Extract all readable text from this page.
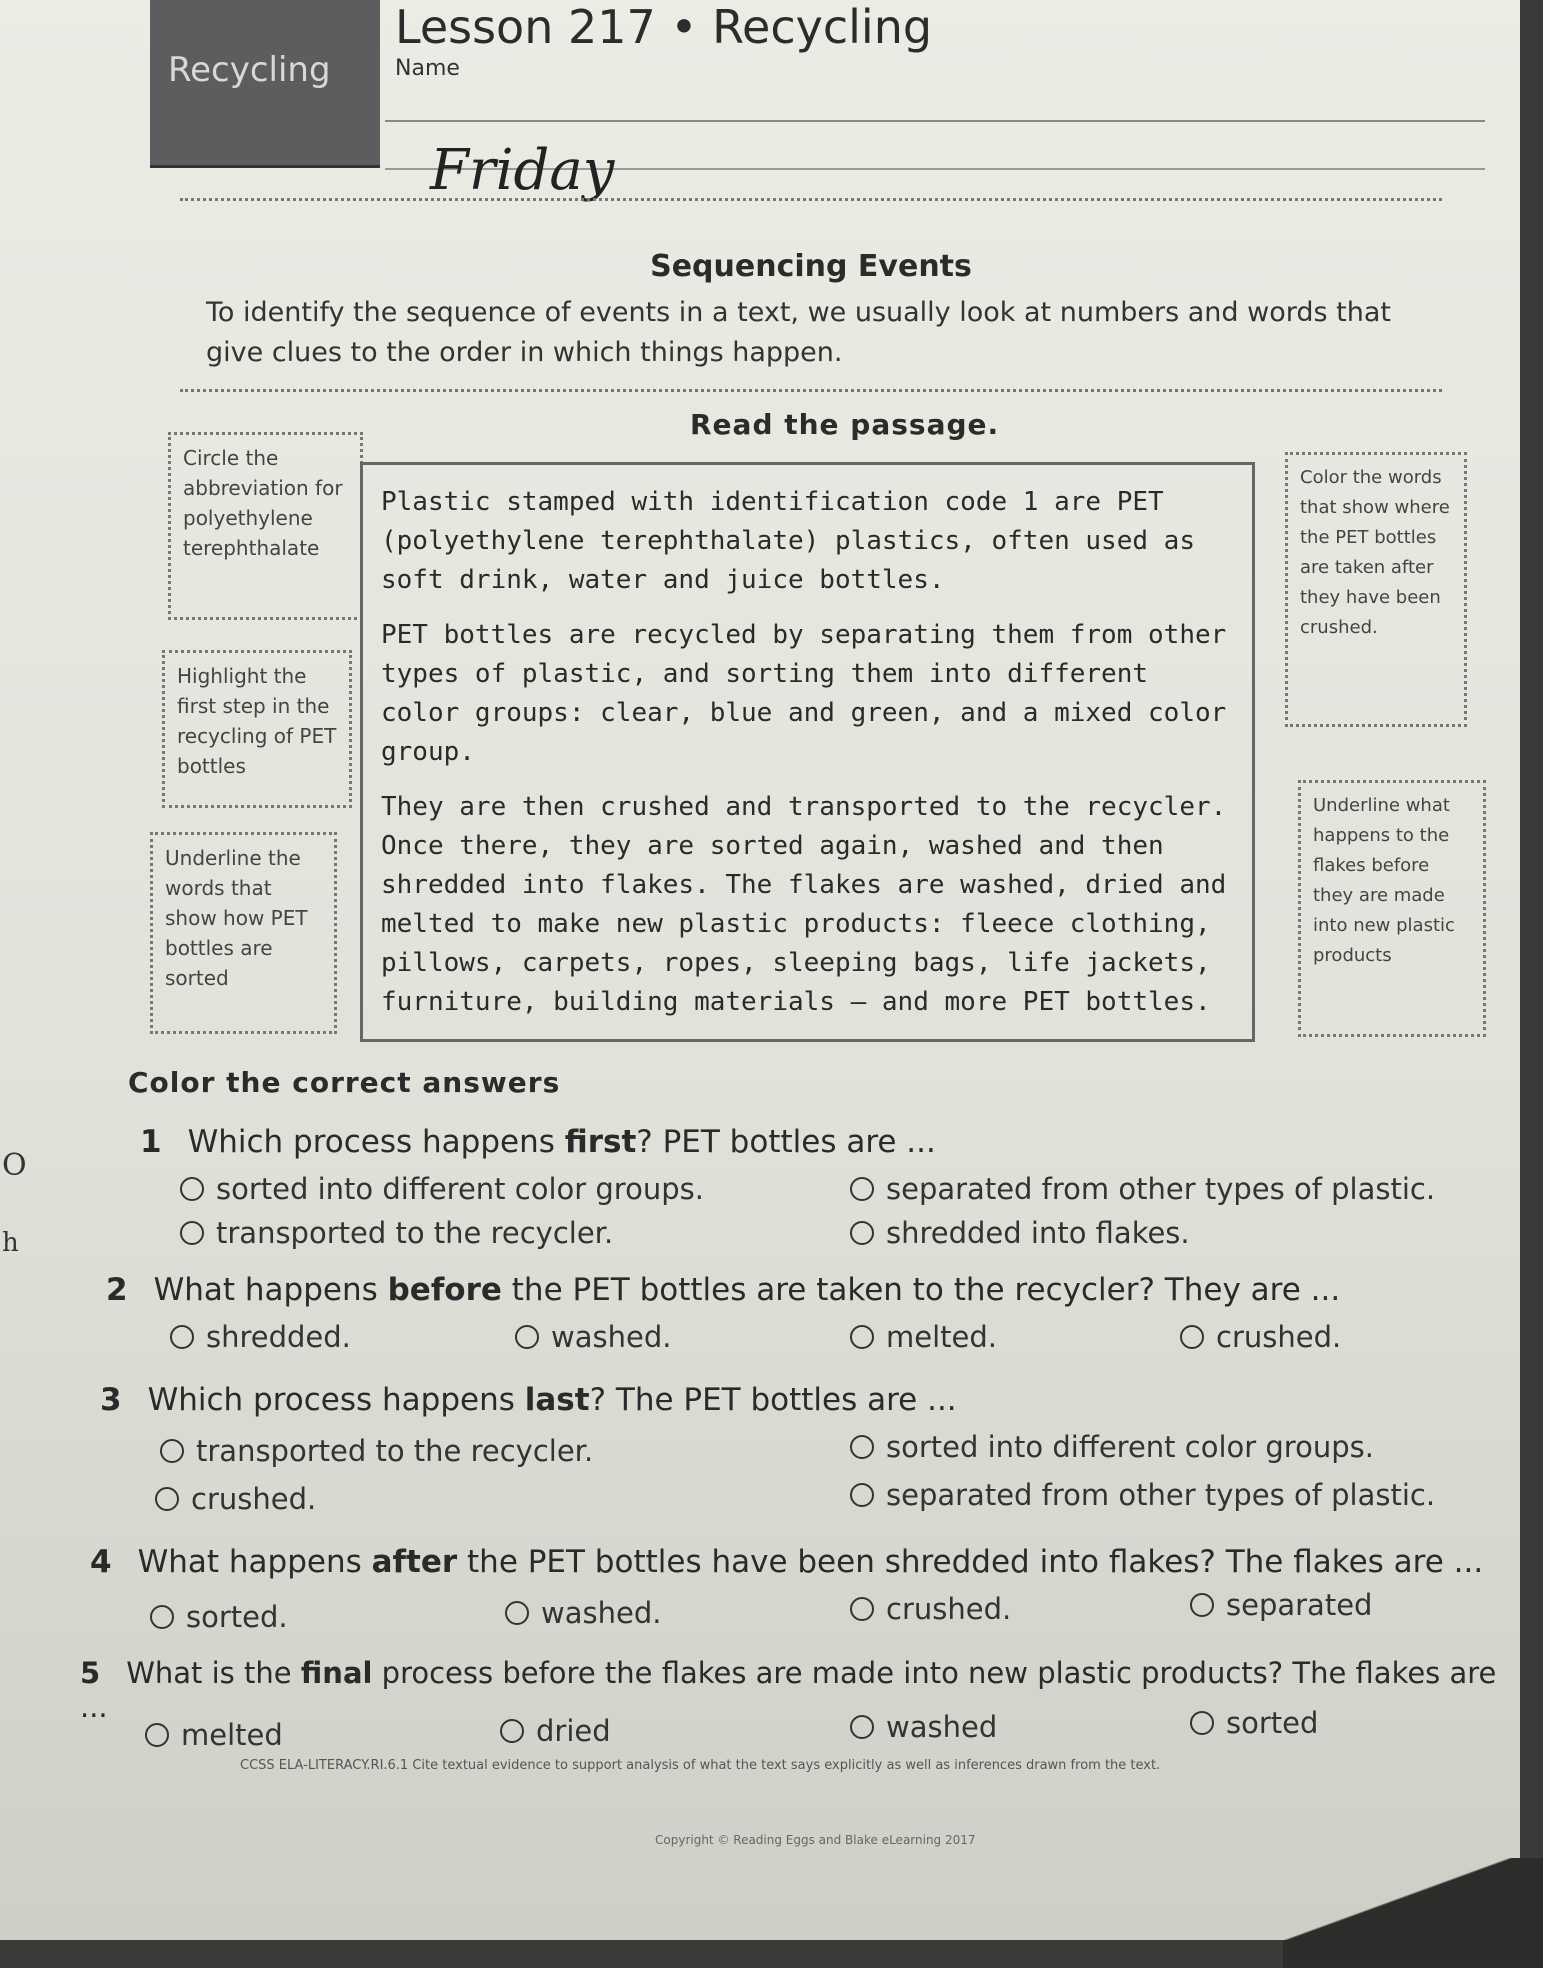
Recycling
Lesson 217 • Recycling
Name
Friday
Sequencing Events
To identify the sequence of events in a text, we usually look at numbers and words that give clues to the order in which things happen.
Read the passage.
Circle the abbreviation for polyethylene terephthalate
Highlight the first step in the recycling of PET bottles
Underline the words that show how PET bottles are sorted
Color the words that show where the PET bottles are taken after they have been crushed.
Underline what happens to the flakes before they are made into new plastic products

Plastic stamped with identification code 1 are PET (polyethylene terephthalate) plastics, often used as soft drink, water and juice bottles.

PET bottles are recycled by separating them from other types of plastic, and sorting them into different color groups: clear, blue and green, and a mixed color group.

They are then crushed and transported to the recycler. Once there, they are sorted again, washed and then shredded into flakes. The flakes are washed, dried and melted to make new plastic products: fleece clothing, pillows, carpets, ropes, sleeping bags, life jackets, furniture, building materials — and more PET bottles.

Color the correct answers
1 Which process happens first? PET bottles are ...
sorted into different color groups.	separated from other types of plastic.
transported to the recycler.	shredded into flakes.
2 What happens before the PET bottles are taken to the recycler? They are ...
shredded.	washed.	melted.	crushed.
3 Which process happens last? The PET bottles are ...
transported to the recycler.	sorted into different color groups.
crushed.	separated from other types of plastic.
4 What happens after the PET bottles have been shredded into flakes? The flakes are ...
sorted.	washed.	crushed.	separated
5 What is the final process before the flakes are made into new plastic products? The flakes are ...
melted	dried	washed	sorted
CCSS ELA-LITERACY.RI.6.1 Cite textual evidence to support analysis of what the text says explicitly as well as inferences drawn from the text.
Copyright © Reading Eggs and Blake eLearning 2017
O
h
